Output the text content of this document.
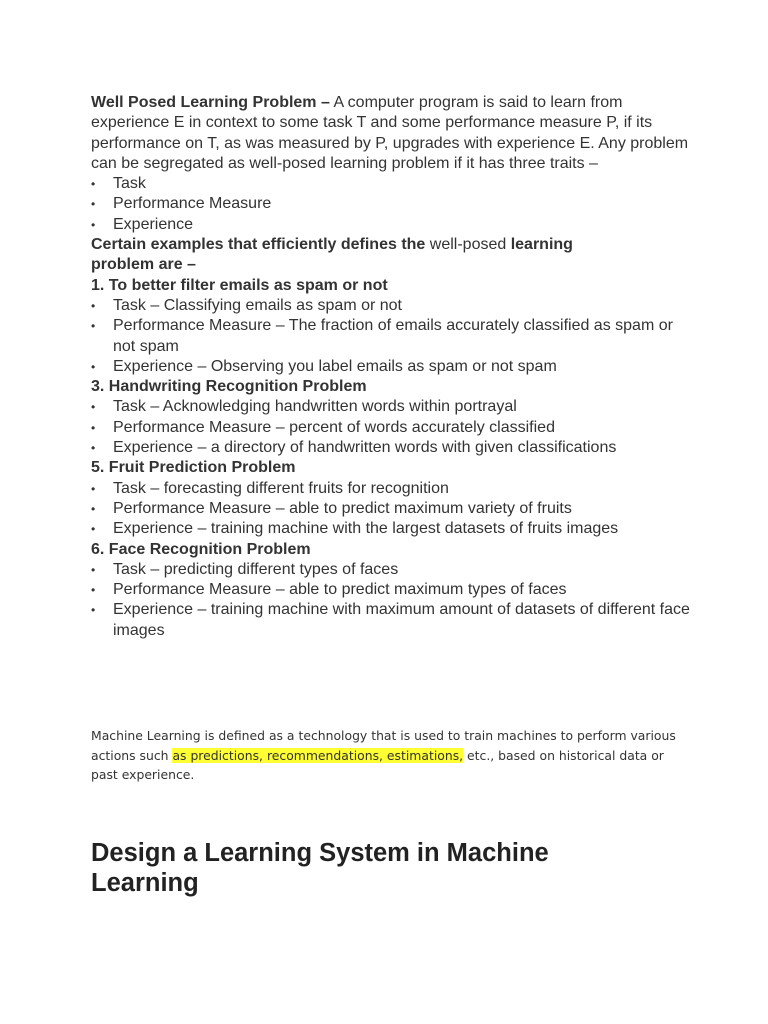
Well Posed Learning Problem – A computer program is said to learn from experience E in context to some task T and some performance measure P, if its performance on T, as was measured by P, upgrades with experience E. Any problem can be segregated as well-posed learning problem if it has three traits –

• Task
• Performance Measure
• Experience

Certain examples that efficiently defines the well-posed learning
problem are –

1. To better filter emails as spam or not

• Task – Classifying emails as spam or not
• Performance Measure – The fraction of emails accurately classified as spam or not spam
• Experience – Observing you label emails as spam or not spam

3. Handwriting Recognition Problem

• Task – Acknowledging handwritten words within portrayal
• Performance Measure – percent of words accurately classified
• Experience – a directory of handwritten words with given classifications

5. Fruit Prediction Problem

• Task – forecasting different fruits for recognition
• Performance Measure – able to predict maximum variety of fruits
• Experience – training machine with the largest datasets of fruits images

6. Face Recognition Problem

• Task – predicting different types of faces
• Performance Measure – able to predict maximum types of faces
• Experience – training machine with maximum amount of datasets of different face images

Machine Learning is defined as a technology that is used to train machines to perform various actions such as predictions, recommendations, estimations, etc., based on historical data or past experience.

Design a Learning System in Machine Learning
